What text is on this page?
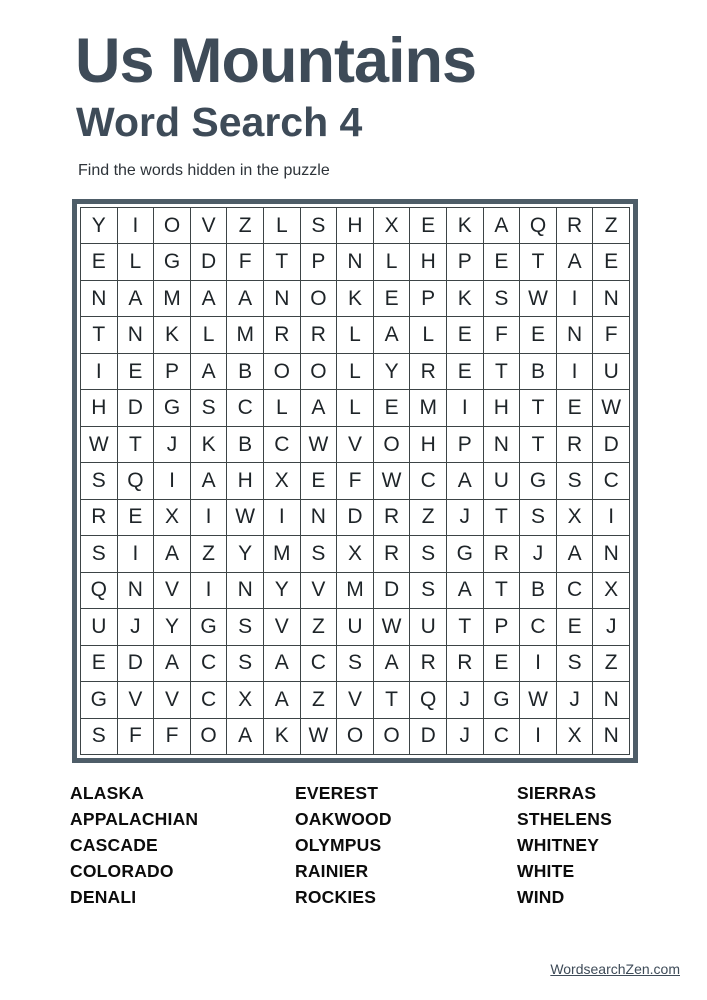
Us Mountains
Word Search 4

Find the words hidden in the puzzle

Y	I	O	V	Z	L	S	H	X	E	K	A	Q R	Z
E	L	G D	F	T	P	N	L	H	P	E	T	A	E
N	A M A	A	N O	K	E	P	K	S W	I	N
T	N	K	L	M R	R	L	A	L	E	F	E	N	F
I	E	P	A	B	O O	L	Y	R	E	T	B	I	U
H	D G	S	C	L	A	L	E M	I	H	T	E W
W T	J	K	B	C W V	O H	P	N	T	R	D
S	Q	I	A	H	X	E	F W C	A	U G	S	C
R	E	X	I	W	I	N	D	R	Z	J	T	S	X	I
S	I	A	Z	Y M S	X	R	S	G R	J	A	N
Q N	V	I	N	Y	V M D	S	A	T	B	C	X
U	J	Y	G	S	V	Z	U W U	T	P	C	E	J
E	D	A	C	S	A	C	S	A	R	R	E	I	S	Z
G	V	V	C	X	A	Z	V	T	Q	J	G W	J	N
S	F	F	O	A	K W O O D	J	C	I	X	N
ALASKA
APPALACHIAN
CASCADE
COLORADO
DENALI
EVEREST
OAKWOOD
OLYMPUS
RAINIER
ROCKIES
SIERRAS
STHELENS
WHITNEY
WHITE
WIND
WordsearchZen.com
